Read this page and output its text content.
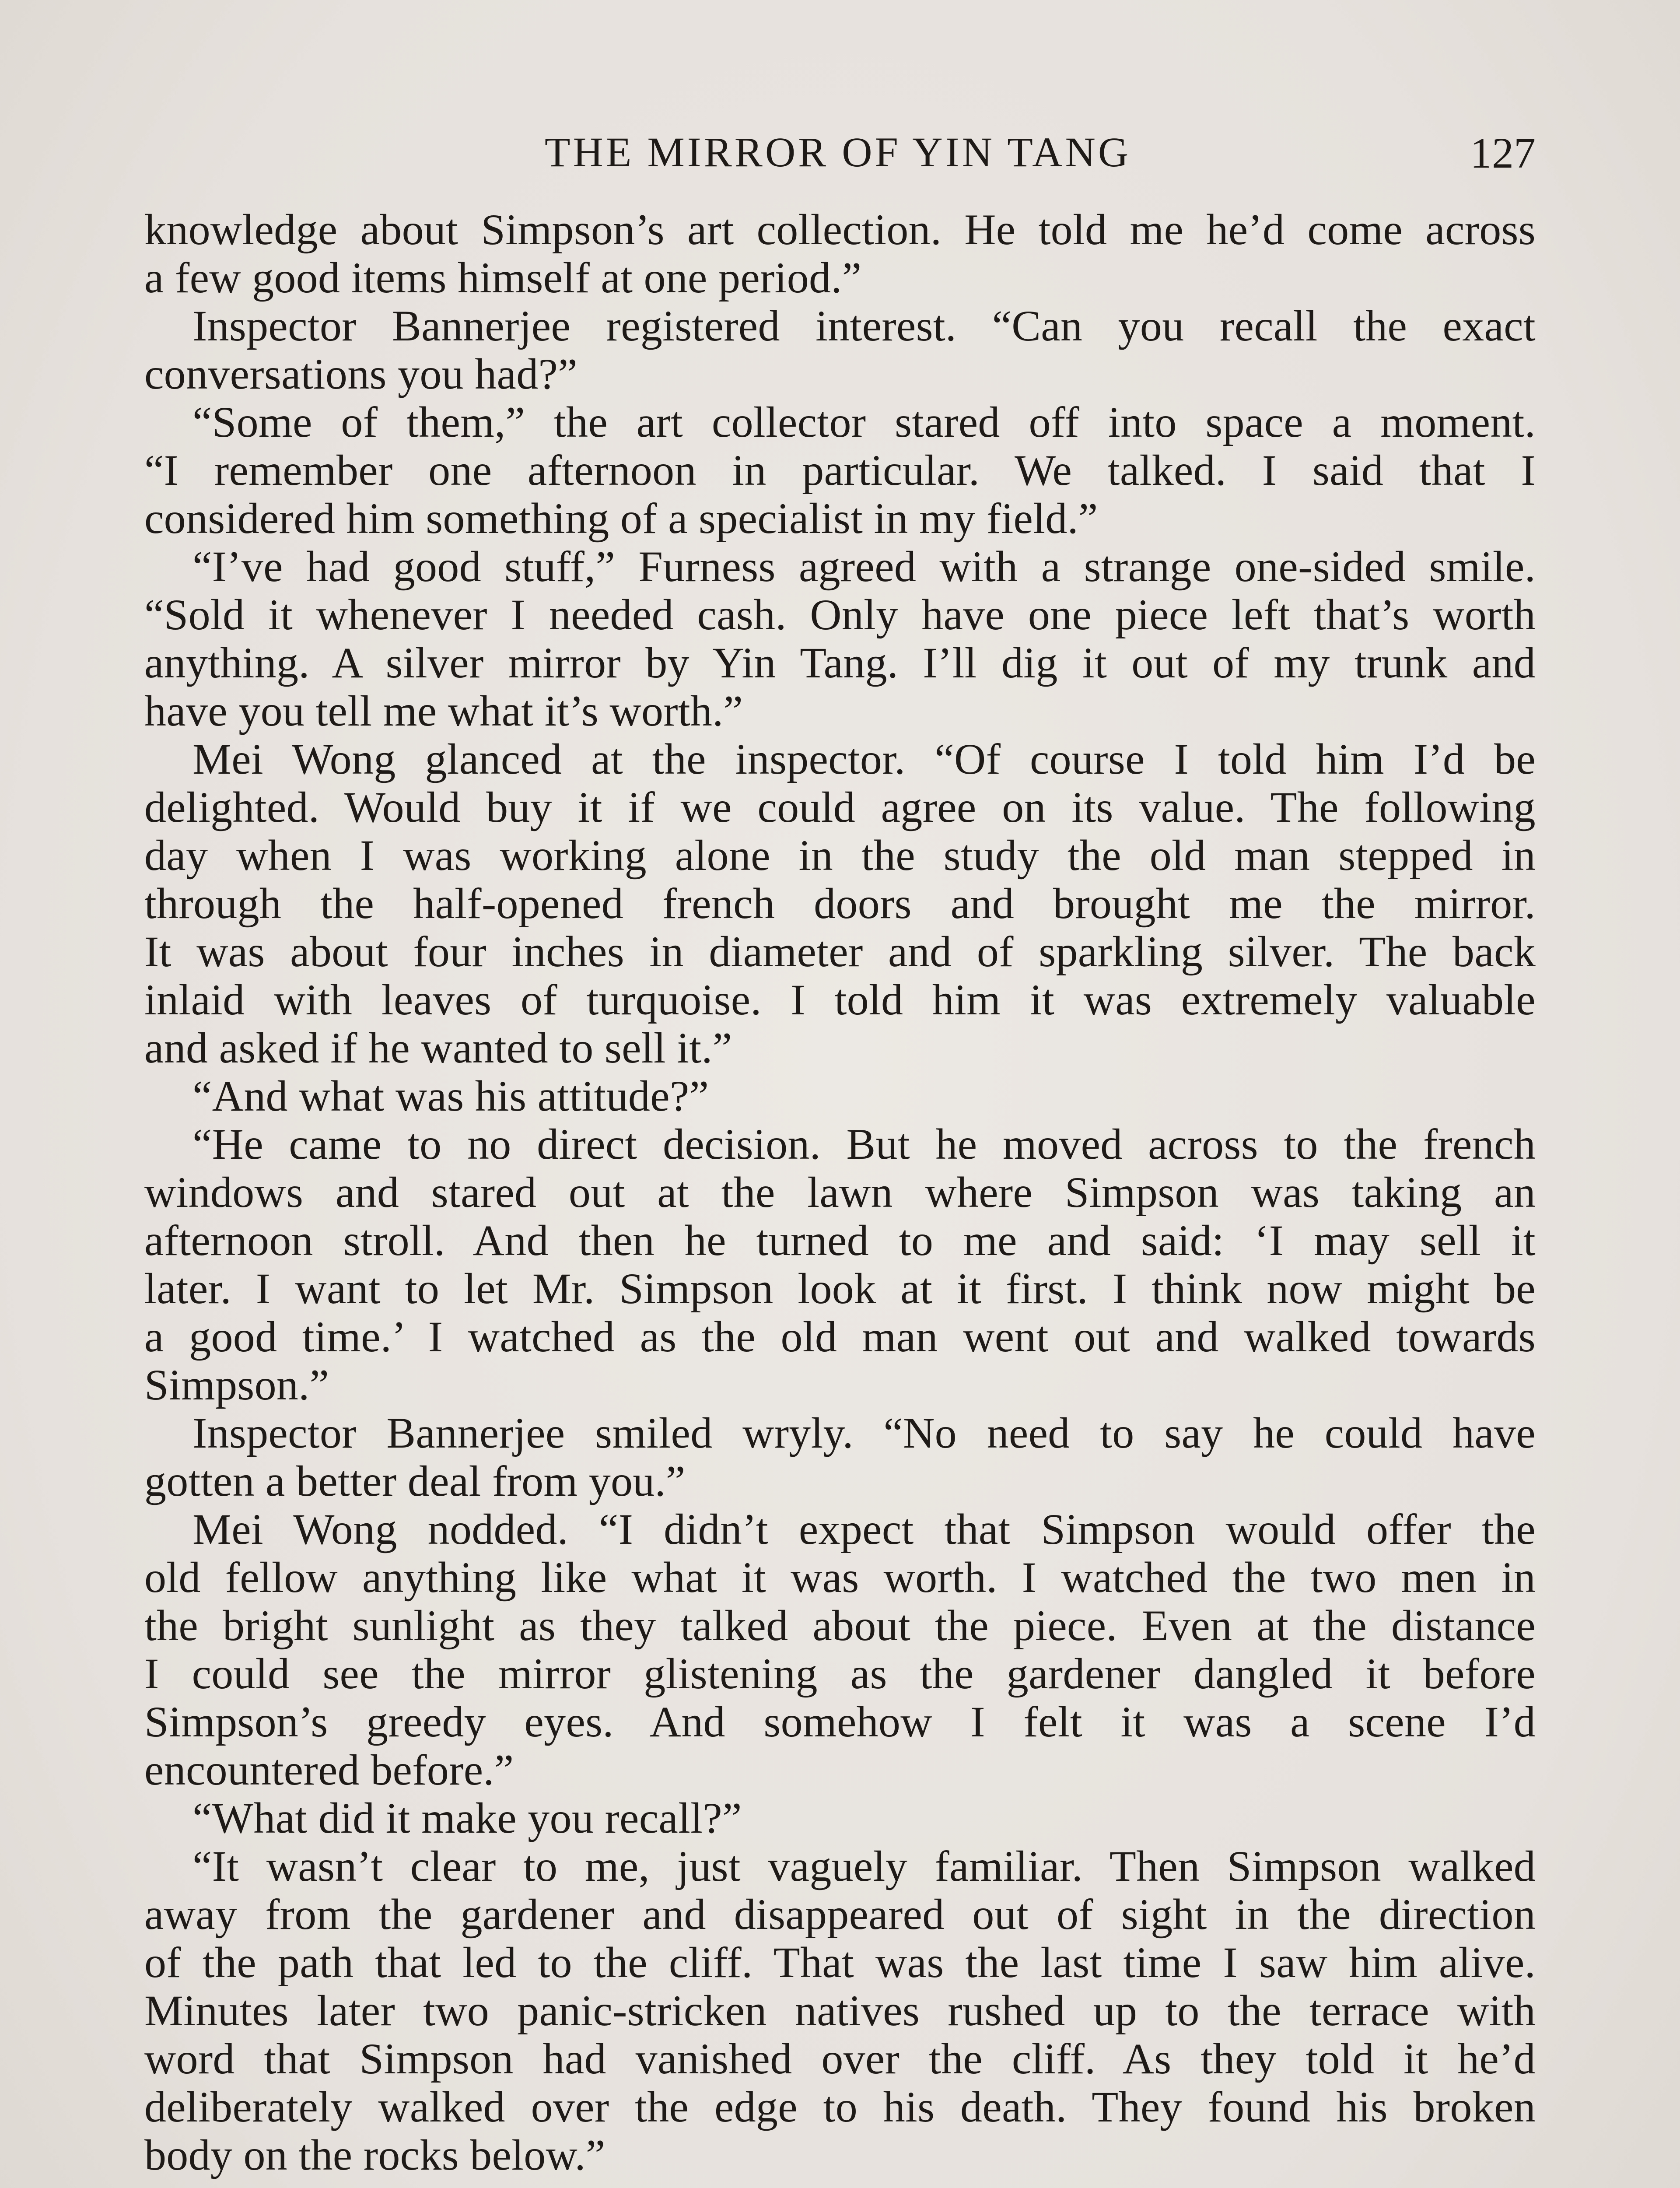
THE MIRROR OF YIN TANG	127
knowledge about Simpson’s art collection. He told me he’d come across
a few good items himself at one period.”
Inspector Bannerjee registered interest. “Can you recall the exact
conversations you had?”
“Some of them,” the art collector stared off into space a moment.
“I remember one afternoon in particular. We talked. I said that I
considered him something of a specialist in my field.”
“I’ve had good stuff,” Furness agreed with a strange one-sided smile.
“Sold it whenever I needed cash. Only have one piece left that’s worth
anything. A silver mirror by Yin Tang. I’ll dig it out of my trunk and
have you tell me what it’s worth.”
Mei Wong glanced at the inspector. “Of course I told him I’d be
delighted. Would buy it if we could agree on its value. The following
day when I was working alone in the study the old man stepped in
through the half-opened french doors and brought me the mirror.
It was about four inches in diameter and of sparkling silver. The back
inlaid with leaves of turquoise. I told him it was extremely valuable
and asked if he wanted to sell it.”
“And what was his attitude?”
“He came to no direct decision. But he moved across to the french
windows and stared out at the lawn where Simpson was taking an
afternoon stroll. And then he turned to me and said: ‘I may sell it
later. I want to let Mr. Simpson look at it first. I think now might be
a good time.’ I watched as the old man went out and walked towards
Simpson.”
Inspector Bannerjee smiled wryly. “No need to say he could have
gotten a better deal from you.”
Mei Wong nodded. “I didn’t expect that Simpson would offer the
old fellow anything like what it was worth. I watched the two men in
the bright sunlight as they talked about the piece. Even at the distance
I could see the mirror glistening as the gardener dangled it before
Simpson’s greedy eyes. And somehow I felt it was a scene I’d
encountered before.”
“What did it make you recall?”
“It wasn’t clear to me, just vaguely familiar. Then Simpson walked
away from the gardener and disappeared out of sight in the direction
of the path that led to the cliff. That was the last time I saw him alive.
Minutes later two panic-stricken natives rushed up to the terrace with
word that Simpson had vanished over the cliff. As they told it he’d
deliberately walked over the edge to his death. They found his broken
body on the rocks below.”
